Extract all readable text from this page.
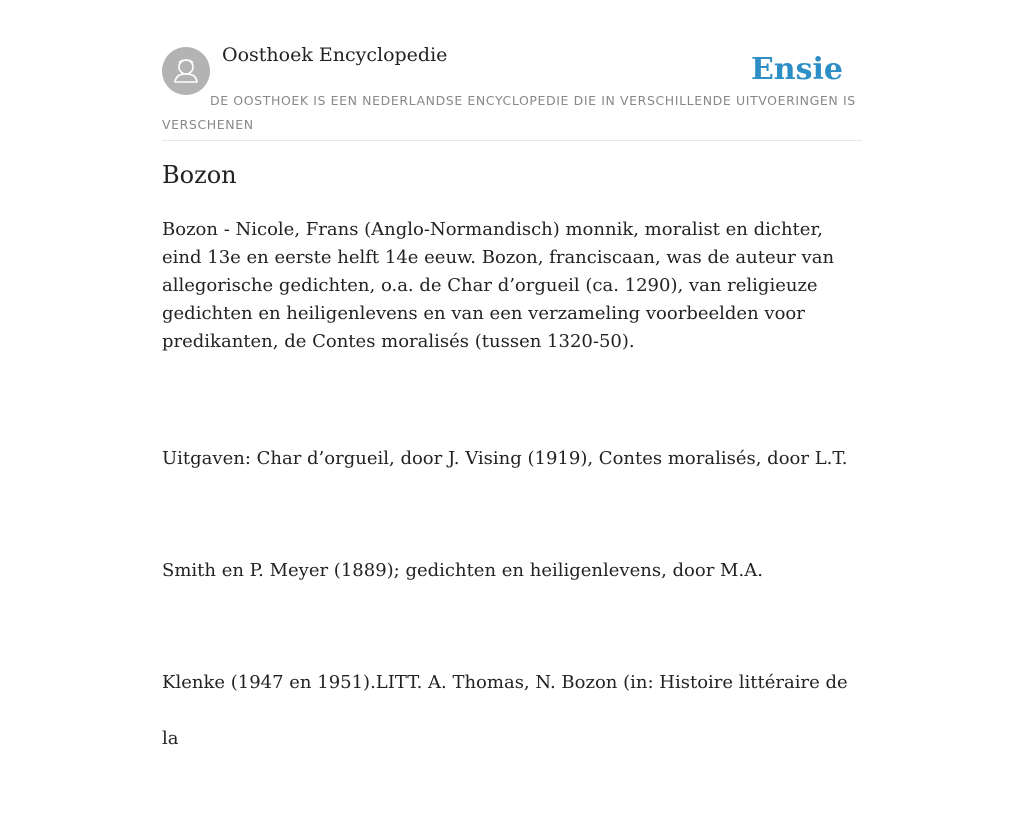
Oosthoek Encyclopedie	Ensie
DE OOSTHOEK IS EEN NEDERLANDSE ENCYCLOPEDIE DIE IN VERSCHILLENDE UITVOERINGEN IS VERSCHENEN
Bozon

Bozon - Nicole, Frans (Anglo-Normandisch) monnik, moralist en dichter, eind 13e en eerste helft 14e eeuw. Bozon, franciscaan, was de auteur van allegorische gedichten, o.a. de Char d’orgueil (ca. 1290), van religieuze gedichten en heiligenlevens en van een verzameling voorbeelden voor predikanten, de Contes moralisés (tussen 1320-50).

Uitgaven: Char d’orgueil, door J. Vising (1919), Contes moralisés, door L.T.

Smith en P. Meyer (1889); gedichten en heiligenlevens, door M.A.

Klenke (1947 en 1951).LITT. A. Thomas, N. Bozon (in: Histoire littéraire de la
